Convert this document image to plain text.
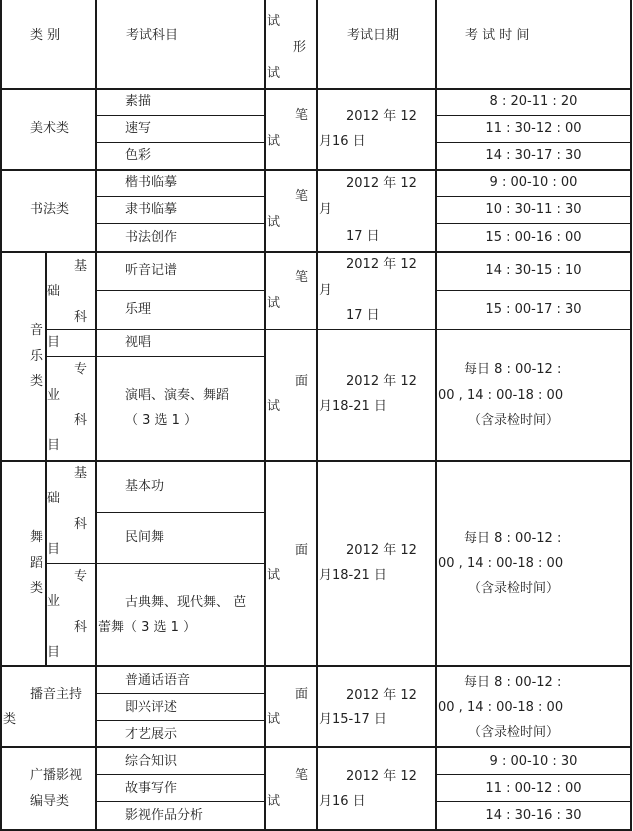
类 别	考试科目
试
形
试
考试日期	考 试 时 间
美术类
素描
速写
色彩
笔
试
2012 年 12
月16 日
8 : 20-11 : 20
11 : 30-12 : 00
14 : 30-17 : 30
书法类
楷书临摹
隶书临摹
书法创作
笔
试
2012 年 12
月
17 日
9 : 00-10 : 00
10 : 30-11 : 30
15 : 00-16 : 00
音
乐
类
基
础
科
目
专
业
科
目
听音记谱
乐理
视唱
演唱、演奏、舞蹈
（ 3 选 1 ）
笔
试
2012 年 12
月
17 日
14 : 30-15 : 10
15 : 00-17 : 30
面
试
2012 年 12
月18-21 日
每日 8 : 00-12 :
00 , 14 : 00-18 : 00
（含录检时间）
舞
蹈
类
基
础
科
目
专
业
科
目
基本功
民间舞
古典舞、现代舞、 芭
蕾舞（ 3 选 1 ）
面
试
2012 年 12
月18-21 日
每日 8 : 00-12 :
00 , 14 : 00-18 : 00
（含录检时间）
播音主持
类
普通话语音
即兴评述
才艺展示
面
试
2012 年 12
月15-17 日
每日 8 : 00-12 :
00 , 14 : 00-18 : 00
（含录检时间）
广播影视
编导类
综合知识
故事写作
影视作品分析
笔
试
2012 年 12
月16 日
9 : 00-10 : 30
11 : 00-12 : 00
14 : 30-16 : 30
